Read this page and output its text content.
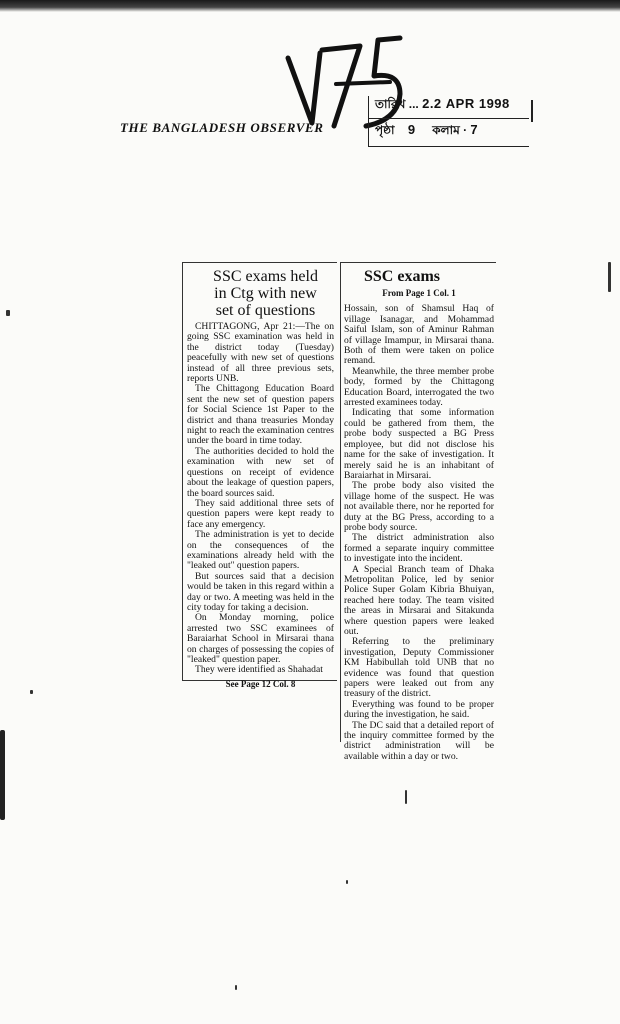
THE BANGLADESH OBSERVER
তারিখ ... 2.2 APR 1998
পৃষ্ঠা 9 কলাম · 7
SSC exams held
in Ctg with new
set of questions

CHITTAGONG, Apr 21:—The on going SSC examination was held in the district today (Tuesday) peacefully with new set of questions instead of all three previous sets, reports UNB.

The Chittagong Education Board sent the new set of question papers for Social Science 1st Paper to the district and thana treasuries Monday night to reach the examination centres under the board in time today.

The authorities decided to hold the examination with new set of questions on receipt of evidence about the leakage of question papers, the board sources said.

They said additional three sets of question papers were kept ready to face any emergency.

The administration is yet to decide on the consequences of the examinations already held with the "leaked out" question papers.

But sources said that a decision would be taken in this regard within a day or two. A meeting was held in the city today for taking a decision.

On Monday morning, police arrested two SSC examinees of Baraiarhat School in Mirsarai thana on charges of possessing the copies of "leaked" question paper.

They were identified as Shahadat

See Page 12 Col. 8
SSC exams
From Page 1 Col. 1

Hossain, son of Shamsul Haq of village Isanagar, and Mohammad Saiful Islam, son of Aminur Rahman of village Imampur, in Mirsarai thana. Both of them were taken on police remand.

Meanwhile, the three member probe body, formed by the Chittagong Education Board, interrogated the two arrested examinees today.

Indicating that some information could be gathered from them, the probe body suspected a BG Press employee, but did not disclose his name for the sake of investigation. It merely said he is an inhabitant of Baraiarhat in Mirsarai.

The probe body also visited the village home of the suspect. He was not available there, nor he reported for duty at the BG Press, according to a probe body source.

The district administration also formed a separate inquiry committee to investigate into the incident.

A Special Branch team of Dhaka Metropolitan Police, led by senior Police Super Golam Kibria Bhuiyan, reached here today. The team visited the areas in Mirsarai and Sitakunda where question papers were leaked out.

Referring to the preliminary investigation, Deputy Commissioner KM Habibullah told UNB that no evidence was found that question papers were leaked out from any treasury of the district.

Everything was found to be proper during the investigation, he said.

The DC said that a detailed report of the inquiry committee formed by the district administration will be available within a day or two.
